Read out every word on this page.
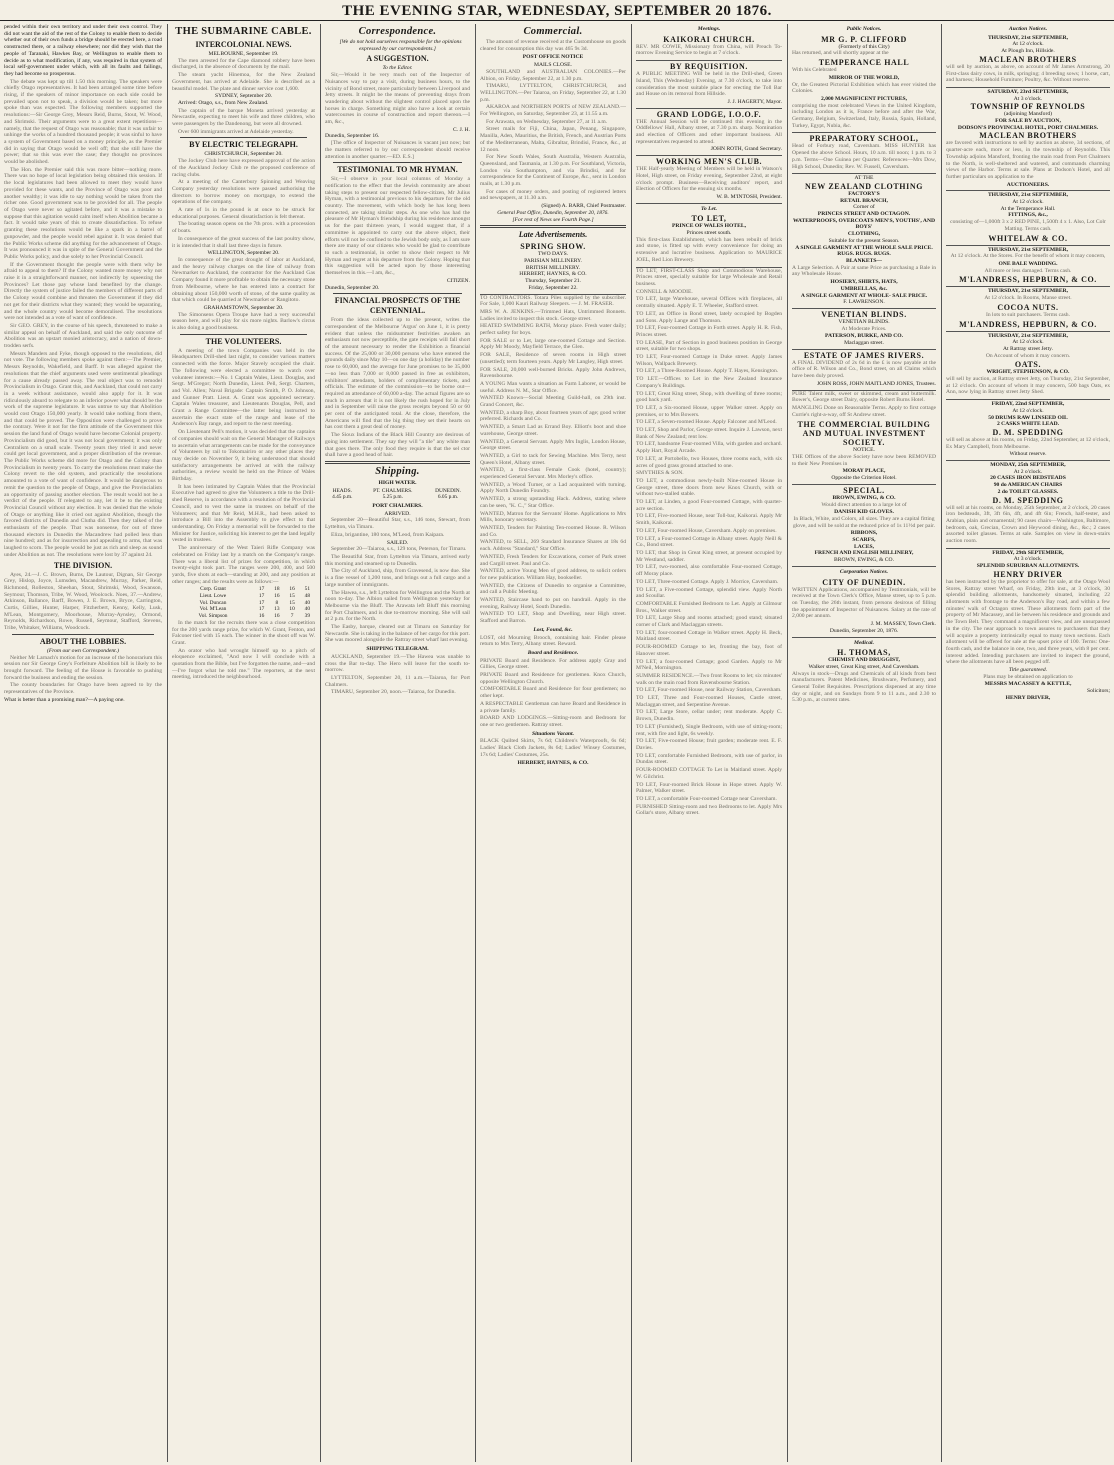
THE EVENING STAR, WEDNESDAY, SEPTEMBER 20 1876.

pended within their own territory and under their own control. They did not want the aid of the rest of the Colony to enable them to decide whether out of their own funds a bridge should be erected here, a road constructed there, or a railway elsewhere; nor did they wish that the people of Taranaki, Hawkes Bay, or Wellington to enable them to decide as to what modification, if any, was required in that system of local self-government under which, with all its faults and failings, they had become so prosperous.

The debate was kept up till 1.50 this morning. The speakers were chiefly Otago representatives. It had been arranged some time before rising, if the speakers of minor importance on each side could be prevailed upon not to speak, a division would be taken; but more spoke than was expected. The following members supported the resolutions:—Sir George Grey, Messrs Reid, Burns, Stout, W. Wood, and Shrimski. Their arguments were to a great extent repetitions—namely, that the request of Otago was reasonable; that it was unfair to unhinge the works of a hundred thousand people; it was sinful to have a system of Government based on a money principle, as the Premier did in saying that Otago would be well off; that she still have the power; that so this was ever the case; they thought no provinces would be abolished.

The Hon. the Premier said this was more bitter—nothing more. There was no hope of local legislation being obtained this session. If the local legislatures had been allowed to meet they would have provided for these wants, and the Province of Otago was poor and another wealthy; it was idle to say nothing would be taken from the richer one. Good government was to be provided for all. The people of Otago were never so agitated before, and it was a mistake to suppose that this agitation would calm itself when Abolition became a fact. It would take years of this to create dissatisfaction. To refuse granting these resolutions would be like a spark in a barrel of gunpowder, and the people would rebel against it. It was denied that the Public Works scheme did anything for the advancement of Otago. It was pronounced it was in spite of the General Government and the Public Works policy, and due solely to her Provincial Council.

If the Government thought the people were with them why be afraid to appeal to them? If the Colony wanted more money why not raise it in a straightforward manner, not indirectly by squeezing the Provinces? Let those pay whose land benefited by the change. Directly the system of justice failed the members of different parts of the Colony would combine and threaten the Government if they did not get for their districts what they wanted; they would be separating, and the whole country would become demoralised. The resolutions were not intended as a vote of want of confidence.

Sir GEO. GREY, in the course of his speech, threatened to make a similar appeal on behalf of Auckland, and said the only outcome of Abolition was an upstart monied aristocracy, and a nation of down-trodden serfs.

Messrs Manders and Fyke, though opposed to the resolutions, did not vote. The following members spoke against them:—The Premier, Messrs Reynolds, Wakefield, and Barff. It was alleged against the resolutions that the chief arguments used were sentimental pleadings for a cause already passed away. The real object was to remodel Provincialism in Otago. Grant this, and Auckland, that could not carry in a week without assistance, would also apply for it. It was ridiculously absurd to relegate to an inferior power what should be the work of the supreme legislature. It was untrue to say that Abolition would cost Otago 150,000 yearly. It would take nothing from them, and that could be proved. The Opposition were challenged to prove the contrary. Were it not for the firm attitude of the Government this session the land fund of Otago would have become Colonial property. Provincialism did good, but it was not local government; it was only Centralism on a small scale. Twenty years they tried it and never could get local government, and a proper distribution of the revenue. The Public Works scheme did more for Otago and the Colony than Provincialism in twenty years. To carry the resolutions must make the Colony revert to the old system, and practically the resolutions amounted to a vote of want of confidence. It would be dangerous to remit the question to the people of Otago, and give the Provincialists an opportunity of passing another election. The result would not be a verdict of the people. If relegated to any, let it be to the existing Provincial Council without any election. It was denied that the whole of Otago or anything like it cried out against Abolition, though the favored districts of Dunedin and Clutha did. Then they talked of the enthusiasm of the people. That was nonsense, for out of three thousand electors in Dunedin the Macandrew had polled less than nine hundred; and as for insurrection and appealing to arms, that was laughed to scorn. The people would be just as rich and sleep as sound under Abolition as not. The resolutions were lost by 37 against 24.

THE DIVISION.

Ayes, 24.—J. C. Brown, Burns, De Lautour, Dignan, Sir George Grey, Hislop, Joyce, Lumsden, Macandrew, Murray, Parker, Reid, Richmond, Rolleston, Sheehan, Stout, Shrimski, Wood, Swanson, Seymour, Thomson, Tribe, W. Wood, Woolcock. Noes, 37.—Andrew, Atkinson, Ballance, Barff, Bowen, J. E. Brown, Bryce, Carrington, Curtis, Gillies, Hunter, Harper, Fitzherbert, Kenny, Kelly, Lusk, M'Lean, Montgomery, Moorhouse, Murray-Aynsley, Ormond, Reynolds, Richardson, Rowe, Russell, Seymour, Stafford, Stevens, Tribe, Whitaker, Williams, Woodcock.

ABOUT THE LOBBIES.
(From our own Correspondent.)

Neither Mr Larnach's motion for an increase of the honorarium this session nor Sir George Grey's Forfeiture Abolition bill is likely to be brought forward. The feeling of the House is favorable to pushing forward the business and ending the session.

The county boundaries for Otago have been agreed to by the representatives of the Province.

What is better than a promising man?—A paying one.

THE SUBMARINE CABLE.
INTERCOLONIAL NEWS.
MELBOURNE, September 19.

The men arrested for the Cape diamond robbery have been discharged, in the absence of documents by the mail.

The steam yacht Hinemoa, for the New Zealand Government, has arrived at Adelaide. She is described as a beautiful model. The plate and dinner service cost 1,600.

SYDNEY, September 20.

Arrived: Otago, s.s., from New Zealand.

The captain of the barque Moneta arrived yesterday at Newcastle, expecting to meet his wife and three children, who were passengers by the Dandenong, but were all drowned.

Over 600 immigrants arrived at Adelaide yesterday.

BY ELECTRIC TELEGRAPH.
CHRISTCHURCH, September 20.

The Jockey Club here have expressed approval of the action of the Auckland Jockey Club re the proposed conference of racing clubs.

At a meeting of the Canterbury Spinning and Weaving Company yesterday resolutions were passed authorising the directors to borrow money on mortgage, to extend the operations of the company.

A rate of 1s in the pound is at once to be struck for educational purposes. General dissatisfaction is felt thereat.

The boating season opens on the 7th prox. with a procession of boats.

In consequence of the great success of the last poultry show, it is intended that it shall last three days in future.

WELLINGTON, September 20.

In consequence of the great drought of labor at Auckland, and the heavy railway charges on the line of railway from Newmarket to Auckland, the contractor for the Auckland Gas Company found it more profitable to obtain the necessary stone from Melbourne, where he has entered into a contract for obtaining about 150,000 worth of stone, of the same quality as that which could be quarried at Newmarket or Rangitoto.

GRAHAMSTOWN, September 20.

The Simonsens Opera Troupe have had a very successful season here, and will play for six more nights. Barlow's circus is also doing a good business.

THE VOLUNTEERS.

A meeting of the town Companies was held in the Headquarters Drill-shed last night, to consider various matters connected with the force. Major Stavely occupied the chair. The following were elected a committee to watch over volunteer interests:—No. 1 Captain Wales, Lieut. Douglas, and Sergt. M'Gregor; North Dunedin, Lieut. Pell, Sergt. Charters, and Vol. Allen; Naval Brigade: Captain Smith, P. O. Johnson, and Gunner Pratt. Lieut. A. Grant was appointed secretary. Captain Wales treasurer, and Lieutenants Douglas, Pell, and Grant a Range Committee—the latter being instructed to ascertain the exact state of the range and lease of the Anderson's Bay range, and report to the next meeting.

On Lieutenant Pell's motion, it was decided that the captains of companies should wait on the General Manager of Railways to ascertain what arrangements can be made for the conveyance of Volunteers by rail to Tokomairiro or any other places they may decide on November 9, it being understood that should satisfactory arrangements be arrived at with the railway authorities, a review would be held on the Prince of Wales Birthday.

It has been intimated by Captain Wales that the Provincial Executive had agreed to give the Volunteers a title to the Drill-shed Reserve, in accordance with a resolution of the Provincial Council, and to vest the same in trustees on behalf of the Volunteers; and that Mr Reid, M.H.R., had been asked to introduce a Bill into the Assembly to give effect to that understanding. On Friday a memorial will be forwarded to the Minister for Justice, soliciting his interest to get the land legally vested in trustees.

The anniversary of the West Taieri Rifle Company was celebrated on Friday last by a match on the Company's range. There was a liberal list of prizes for competition, in which twenty-eight took part. The ranges were 200, 400, and 500 yards, five shots at each—standing at 200, and any position at other ranges; and the results were as follows:—

Corp. Grant	17	18	16	51
Lieut. Lowe	17	16	15	48
Vol. Duncan	17	8	15	40
Vol. M'Lean	17	13	10	40
Vol. Simpson	16	16	7	39

In the match for the recruits there was a close competition for the 200 yards range prize, for which W. Grant, Fenton, and Falconer tied with 15 each. The winner in the shoot off was W. Grant.

An orator who had wrought himself up to a pitch of eloquence exclaimed, "And now I will conclude with a quotation from the Bible, but I've forgotten the name, and—and—I've forgot what he told me." The reporters, at the next meeting, introduced the neighbourhood.

Correspondence.

[We do not hold ourselves responsible for the opinions expressed by our correspondents.]

A SUGGESTION.
To the Editor.

Sir,—Would it be very much out of the Inspector of Nuisances way to pay a visit, during business hours, to the vicinity of Bond street, more particularly between Liverpool and Jetty streets. It might be the means of preventing drays from wandering about without the slightest control placed upon the horses in charge. Something might also have a look at certain watercourses in course of construction and report thereon.—I am, &c.,

C. J. H.
Dunedin, September 16.

[The office of Inspector of Nuisances is vacant just now; but the matters referred to by our correspondent should receive attention in another quarter.—ED. E.S.]

TESTIMONIAL TO MR HYMAN.

Sir,—I observe in your local columns of Monday a notification to the effect that the Jewish community are about taking steps to present our respected fellow-citizen, Mr Julius Hyman, with a testimonial previous to his departure for the old country. The movement, with which body he has long been connected, are taking similar steps. As one who has had the pleasure of Mr Hyman's friendship during his residence amongst us for the past thirteen years, I would suggest that, if a committee is appointed to carry out the above object, their efforts will not be confined to the Jewish body only, as I am sure there are many of our citizens who would be glad to contribute to such a testimonial, in order to show their respect to Mr Hyman and regret at his departure from the Colony. Hoping that this suggestion will be acted upon by those interesting themselves in this.—I am, &c.,

CITIZEN.
Dunedin, September 20.
FINANCIAL PROSPECTS OF THE CENTENNIAL.

From the ideas collected up to the present, writes the correspondent of the Melbourne 'Argus' on June 1, it is pretty evident that unless the midsummer festivities awaken an enthusiasm not now perceptible, the gate receipts will fall short of the amount necessary to render the Exhibition a financial success. Of the 25,000 or 30,000 persons who have entered the grounds daily since May 10—on one day (a holiday) the number rose to 60,000, and the average for June promises to be 35,000—no less than 7,000 or 8,000 passed in free as exhibitors, exhibitors' attendants, holders of complimentary tickets, and officials. The estimate of the commission—to be borne out—required an attendance of 60,000 a-day. The actual figures are so much in arrears that it is not likely the rush hoped for in July and in September will raise the gross receipts beyond 50 or 60 per cent of the anticipated total. At the close, therefore, the Americans will find that the big thing they set their hearts on has cost them a great deal of money.

The Sioux Indians of the Black Hill Country are desirous of going into settlement. They say they will "a tile" any white man that goes there. The only food they require is that the sel ctor shall have a good head of hair.

Shipping.
HIGH WATER.
HEADS.	PT. CHALMERS.	DUNEDIN.
4.45 p.m.	5.25 p.m.	6.05 p.m.
PORT CHALMERS.
ARRIVED.

September 20—Beautiful Star, s.s., 146 tons, Stewart, from Lyttelton, via Timaru.

Eliza, brigantine, 180 tons, M'Leod, from Kaipara.

SAILED.

September 20—Taiaroa, s.s., 129 tons, Peterson, for Timaru.

The Beautiful Star, from Lyttelton via Timaru, arrived early this morning and steamed up to Dunedin.

The City of Auckland, ship, from Gravesend, is now due. She is a fine vessel of 1,200 tons, and brings out a full cargo and a large number of immigrants.

The Hawea, s.s., left Lyttelton for Wellington and the North at noon to-day. The Albion sailed from Wellington yesterday for Melbourne via the Bluff. The Arawata left Bluff this morning for Port Chalmers, and is due to-morrow morning. She will sail at 2 p.m. for the North.

The Easby, barque, cleared out at Timaru on Saturday for Newcastle. She is taking in the balance of her cargo for this port. She was moored alongside the Rattray street wharf last evening.

SHIPPING TELEGRAM.

AUCKLAND, September 19.—The Hawea was unable to cross the Bar to-day. The Hero will leave for the south to-morrow.

LYTTELTON, September 20, 11 a.m.—Taiaroa, for Port Chalmers.

TIMARU, September 20, noon.—Taiaroa, for Dunedin.

Commercial.

The amount of revenue received at the Customhouse on goods cleared for consumption this day was 465 9s 3d.

POST OFFICE NOTICE
MAILS CLOSE.

SOUTHLAND and AUSTRALIAN COLONIES.—Per Albion, on Friday, September 22, at 1.30 p.m.

TIMARU, LYTTELTON, CHRISTCHURCH, and WELLINGTON.—Per Taiaroa, on Friday, September 22, at 1.30 p.m.

AKAROA and NORTHERN PORTS of NEW ZEALAND.—For Wellington, on Saturday, September 23, at 11.55 a.m.

For Arawata, on Wednesday, September 27, at 11 a.m.

Street mails for Fiji, China, Japan, Penang, Singapore, Manilla, Aden, Mauritius, the British, French, and Austrian Ports of the Mediterranean, Malta, Gibraltar, Brindisi, France, &c., at 12 noon.

For New South Wales, South Australia, Western Australia, Queensland, and Tasmania, at 1.30 p.m. For Southland, Victoria, London via Southampton, and via Brindisi, and for correspondence for the Continent of Europe, &c., sent in London mails, at 1.30 p.m.

For cases of money orders, and posting of registered letters and newspapers, at 11.30 a.m.

(Signed) A. BARR, Chief Postmaster.
General Post Office, Dunedin, September 20, 1876.
[For rest of News see Fourth Page.]
Late Advertisements.
SPRING SHOW.
TWO DAYS.
PARISIAN MILLINERY.
BRITISH MILLINERY.
HERBERT, HAYNES, & CO.
Thursday, September 21.
Friday, September 22.

TO CONTRACTORS. Totara Piles supplied by the subscriber. For Sale, 1,000 Kauri Railway Sleepers. — J. M. FRASER.

MRS W. A. JENKINS.—Trimmed Hats, Untrimmed Bonnets. Ladies invited to inspect this stock. George street.

HEATED SWIMMING BATH, Moray place. Fresh water daily; perfect safety for boys.

FOR SALE or to Let, large one-roomed Cottage and Section. Apply Mr Moody, Mayfield Terrace, the Glen.

FOR SALE, Residence of seven rooms in High street (unsettled); term fourteen years. Apply Mr Langley, High street.

FOR SALE, 20,000 well-burned Bricks. Apply John Andrews, Ravensbourne.

A YOUNG Man wants a situation as Farm Laborer, or would be useful. Address N. M., Star Office.

WANTED Known—Social Meeting Guild-hall, on 29th inst. Grand Concert, &c.

WANTED, a sharp Boy, about fourteen years of age; good writer preferred. Richards and Co.

WANTED, a Smart Lad as Errand Boy. Elliott's boot and shoe warehouse, George street.

WANTED, a General Servant. Apply Mrs Inglis, London House, George street.

WANTED, a Girl to tack for Sewing Machine. Mrs Terry, next Queen's Hotel, Albany street.

WANTED, a first-class Female Cook (hotel, country); experienced General Servant. Mrs Morley's office.

WANTED, a Wood Turner, or a Lad acquainted with turning. Apply North Dunedin Foundry.

WANTED, a strong upstanding Hack. Address, stating where can be seen, "K. C.," Star Office.

WANTED, Matron for the Servants' Home. Applications to Mrs Mills, honorary secretary.

WANTED, Tenders for Painting Ten-roomed House. R. Wilson and Co.

WANTED, to SELL, 269 Standard Insurance Shares at 18s 6d each. Address "Standard," Star Office.

WANTED, Fresh Tenders for Excavations, corner of Park street and Cargill street. Paul and Co.

WANTED, active Young Men of good address, to solicit orders for new publication. William Hay, bookseller.

WANTED, the Citizens of Dunedin to organise a Committee, and call a Public Meeting.

WANTED, Staircase hand to put on handrail. Apply in the evening, Railway Hotel, South Dunedin.

WANTED TO LET, Shop and Dwelling, near High street. Stafford and Barron.

Lost, Found, &c.

LOST, old Mourning Brooch, containing hair. Finder please return to Mrs Terry, Albany street. Reward.

Board and Residence.

PRIVATE Board and Residence. For address apply Gray and Gillies, George street.

PRIVATE Board and Residence for gentlemen. Knox Church, opposite Wellington Church.

COMFORTABLE Board and Residence for four gentlemen; no other kept.

A RESPECTABLE Gentleman can have Board and Residence in a private family.

BOARD AND LODGINGS.—Sitting-room and Bedroom for one or two gentlemen. Rattray street.

Situations Vacant.

BLACK Quilted Skirts, 7s 6d; Children's Waterproofs, 6s 6d; Ladies' Black Cloth Jackets, 8s 6d; Ladies' Winsey Costumes, 17s 6d; Ladies' Costumes, 25s.

HERBERT, HAYNES, & CO.
Meetings.
KAIKORAI CHURCH.

REV. MR COWIE, Missionary from China, will Preach To-morrow Evening Service to begin at 7 o'clock.

BY REQUISITION.

A PUBLIC MEETING Will be held in the Drill-shed, Green Island, This (Wednesday) Evening, at 7.30 o'clock, to take into consideration the most suitable place for erecting the Toll Bar and House on its removal from Hillside.

J. J. HAGERTY, Mayor.
GRAND LODGE, I.O.O.F.

THE Annual Session will be continued this evening in the Oddfellows' Hall, Albany street, at 7.30 p.m. sharp. Nomination and election of Officers and other important business. All representatives requested to attend.

JOHN ROTH, Grand Secretary.
WORKING MEN'S CLUB.

THE Half-yearly Meeting of Members will be held in Watson's Hotel, High street, on Friday evening, September 22nd, at eight o'clock prompt. Business—Receiving auditors' report, and Election of Officers for the ensuing six months.

W. B. M'INTOSH, President.
To Let.
TO LET,
PRINCE OF WALES HOTEL,
Princes street south.

This first-class Establishment, which has been rebuilt of brick and stone, is fitted up with every convenience for doing an extensive and lucrative business. Application to MAURICE JOEL, Red Lion Brewery.

TO LET, FIRST-CLASS Shop and Commodious Warehouse, Princes street, specially suitable for large Wholesale and Retail business.

CONNELL & MOODIE.

TO LET, large Warehouse, several Offices with fireplaces, all centrally situated. Apply E. T. Wheeler, Stafford street.

TO LET, an Office in Bond street, lately occupied by Bogden and Sons. Apply Lange and Thomson.

TO LET, Four-roomed Cottage in Forth street. Apply H. R. Fish, Princes street.

TO LEASE, Part of Section in good business position in George street, suitable for two shops.

TO LET, Four-roomed Cottage in Duke street. Apply James Wilson, Wallpack Brewery.

TO LET, a Three-Roomed House. Apply T. Hayes, Kensington.

TO LET.—Offices to Let in the New Zealand Insurance Company's Buildings.

TO LET, Great King street, Shop, with dwelling of three rooms; good back yard.

TO LET, a Six-roomed House, upper Walker street. Apply on premises, or to Mrs Bowers.

TO LET, a Seven-roomed House. Apply Falconer and M'Leod.

TO LET, Shop and Parlor, George street. Inquire J. Lawson, next Bank of New Zealand; rent low.

TO LET, handsome Four-roomed Villa, with garden and orchard. Apply Hart, Royal Arcade.

TO LET, at Portobello, two Houses, three rooms each, with six acres of good grass ground attached to one.

SMYTHIES & SON.

TO LET, a commodious newly-built Nine-roomed House in George street, three doors from new Knox Church, with or without two-stalled stable.

TO LET, at Linden, a good Four-roomed Cottage, with quarter-acre section.

TO LET, Five-roomed House, near Toll-bar, Kaikorai. Apply Mr Smith, Kaikorai.

TO LET, Four-roomed House, Caversham. Apply on premises.

TO LET, a Four-roomed Cottage in Albany street. Apply Neill & Co., Bond street.

TO LET, that Shop in Great King street, at present occupied by Mr Westland, saddler.

TO LET, two-roomed, also comfortable Four-roomed Cottage, off Moray place.

TO LET, Three-roomed Cottage. Apply J. Morrice, Caversham.

TO LET, a Five-roomed Cottage, splendid view. Apply North and Scoullar.

COMFORTABLE Furnished Bedroom to Let. Apply at Gilmour Bros., Walker street.

TO LET, Large Shop and rooms attached; good stand; situated corner of Clark and Maclaggan streets.

TO LET, four-roomed Cottage in Walker street. Apply H. Beck, Maitland street.

FOUR-ROOMED Cottage to let, fronting the bay, foot of Hanover street.

TO LET, a four-roomed Cottage; good Garden. Apply to Mr M'Neil, Mornington.

SUMMER RESIDENCE.—Two front Rooms to let; six minutes' walk on the main road from Ravensbourne Station.

TO LET, Four-roomed House, near Railway Station, Caversham.

TO LET, Three and Four-roomed Houses, Castle street, Maclaggan street, and Serpentine Avenue.

TO LET, Large Store, cellar under; rent moderate. Apply C. Brown, Dunedin.

TO LET (Furnished), Single Bedroom, with use of sitting-room; rent, with fire and light, 6s weekly.

TO LET, Five-roomed House; fruit garden; moderate rent. E. F. Davies.

TO LET, comfortable Furnished Bedroom, with use of parlor, in Dundas street.

FOUR-ROOMED COTTAGE To Let in Maitland street. Apply W. Gilchrist.

TO LET, Four-roomed Brick House in Hope street. Apply W. Palmer, Walker street.

TO LET, a comfortable Four-roomed Cottage near Caversham.

FURNISHED Sitting-room and two Bedrooms to let. Apply Mrs Gollar's store, Albany street.

Public Notices.
MR G. P. CLIFFORD
(Formerly of this City)

Has returned, and will shortly appear at the

TEMPERANCE HALL

With his Celebrated

MIRROR OF THE WORLD,

Or, the Greatest Pictorial Exhibition which has ever visited the Colonies.

2,000 MAGNIFICENT PICTURES,

comprising the most celebrated Views in the United Kingdom, including London as it is, France before and after the War, Germany, Belgium, Switzerland, Italy, Russia, Spain, Holland, Turkey, Egypt, Nubia, &c.

PREPARATORY SCHOOL,

Head of Forbury road, Caversham. MISS HUNTER has Opened the above School. Hours, 10 a.m. till noon; 1 p.m. to 3 p.m. Terms—One Guinea per Quarter. References—Mrs Dow, High School, Dunedin; Rev. W. Fussell, Caversham.

AT THE
NEW ZEALAND CLOTHING
FACTORY'S
RETAIL BRANCH,
Corner of
PRINCES STREET AND OCTAGON.
WATERPROOFS, OVERCOATS MEN'S, YOUTHS', AND BOYS'
CLOTHING,
Suitable for the present Season.
A SINGLE GARMENT AT THE WHOLE SALE PRICE.
RUGS. RUGS. RUGS.
BLANKETS—

A Large Selection. A Pair at same Price as purchasing a Bale in any Wholesale House.

HOSIERY, SHIRTS, HATS,
UMBRELLAS, &c.
A SINGLE GARMENT AT WHOLE- SALE PRICE.
F. LAWRENSON.
VENETIAN BLINDS.
VENETIAN BLINDS.

At Moderate Prices.

PATERSON, BURKE, AND CO.
Maclaggan street.
ESTATE OF JAMES RIVERS.

A FINAL DIVIDEND of 2s 6d in the £ is now payable at the office of R. Wilson and Co., Bond street, on all Claims which have been duly proved.

JOHN ROSS, JOHN MAITLAND JONES, Trustees.

PURE Talent milk, sweet or skimmed, cream and buttermilk. Bower's, George street Dairy, opposite Robert Burns Hotel.

MANGLING Done on Reasonable Terms. Apply to first cottage Currie's right-a-way, off St Andrew street.

THE COMMERCIAL BUILDING AND MUTUAL INVESTMENT SOCIETY.
NOTICE.

THE Offices of the above Society have now been REMOVED to their New Premises in

MORAY PLACE,
Opposite the Criterion Hotel.
SPECIAL.
BROWN, EWING, & CO.

Would direct attention to a large lot of

DANISH KID GLOVES.

In Black, White, and Colors, all sizes. They are a capital fitting glove, and will be sold at the reduced price of 1s 11½d per pair.

RIBBONS,
SCARFS,
LACES,
FRENCH AND ENGLISH MILLINERY,
BROWN, EWING, & CO.
Corporation Notices.
CITY OF DUNEDIN.

WRITTEN Applications, accompanied by Testimonials, will be received at the Town Clerk's Office, Manse street, up to 5 p.m. on Tuesday, the 26th instant, from persons desirous of filling the appointment of Inspector of Nuisances. Salary at the rate of 2,000 per annum.

J. M. MASSEY, Town Clerk.
Dunedin, September 20, 1876.
Medical.
H. THOMAS,
CHEMIST AND DRUGGIST,
Walker street, Great King street, And Caversham.

Always in stock—Drugs and Chemicals of all kinds from best manufacturers. Patent Medicines, Brushware, Perfumery, and General Toilet Requisites. Prescriptions dispensed at any time day or night, and on Sundays from 9 to 11 a.m., and 2.30 to 5.30 p.m., at current rates.

Auction Notices.
THURSDAY, 21st SEPTEMBER,
At 12 o'clock.
At Plough Inn, Hillside.
MACLEAN BROTHERS

will sell by auction, as above, on account of Mr James Armstrong, 20 First-class dairy cows, in milk, springing; 4 breeding sows; 1 horse, cart, and harness; Household Furniture; Poultry, &c. Without reserve.

SATURDAY, 23rd SEPTEMBER,
At 3 o'clock.
TOWNSHIP OF REYNOLDS
(adjoining Mansford)
FOR SALE BY AUCTION,
DODSON'S PROVINCIAL HOTEL, PORT CHALMERS.
MACLEAN BROTHERS

are favored with instructions to sell by auction as above, 34 sections, of quarter-acre each, more or less, in the township of Reynolds. This Township adjoins Mansford, fronting the main road from Port Chalmers to the North, is well-sheltered and watered, and commands charming views of the Harbor. Terms at sale. Plans at Dodson's Hotel, and all further particulars on application to the

AUCTIONEERS.
THURSDAY, 21st SEPTEMBER,
At 12 o'clock.
At the Temperance Hall.
FITTINGS, &c.,

consisting of—1,000ft 3 x 2 RED PINE, 1,500ft 4 x 1. Also, Lot Colr Matting. Terms cash.

WHITELAW & CO.
THURSDAY, 21st SEPTEMBER,

At 12 o'clock. At the Stores. For the benefit of whom it may concern,

ONE BALE WADDING.

All more or less damaged. Terms cash.

M'LANDRESS, HEPBURN, & CO.
THURSDAY, 21st SEPTEMBER,

At 12 o'clock. In Rooms, Manse street.

COCOA NUTS.

In lots to suit purchasers. Terms cash.

M'LANDRESS, HEPBURN, & CO.
THURSDAY, 21st SEPTEMBER,
At 12 o'clock.
At Rattray street Jetty.

On Account of whom it may concern.

OATS.
WRIGHT, STEPHENSON, & CO.

will sell by auction, at Rattray street Jetty, on Thursday, 21st September, at 12 o'clock. On account of whom it may concern, 500 bags Oats, ex Ann, now lying in Rattray street Jetty Shed.

FRIDAY, 22nd SEPTEMBER,
At 12 o'clock.
50 DRUMS RAW LINSEED OIL
2 CASKS WHITE LEAD.
D. M. SPEDDING

will sell as above at his rooms, on Friday, 22nd September, at 12 o'clock, Ex Mary Campbell, from Melbourne.

Without reserve.
MONDAY, 25th SEPTEMBER,
At 2 o'clock.
20 CASES IRON BEDSTEADS
90 do AMERICAN CHAIRS
2 do TOILET GLASSES.
D. M. SPEDDING

will sell at his rooms, on Monday, 25th September, at 2 o'clock, 20 cases iron bedsteads, 3ft, 3ft 6in, 4ft, and 4ft 6in; French, half-tester, and Arabian, plain and ornamental; 90 cases chairs—Washington, Baltimore, bedroom, oak, Grecian, Crown and Heywood dining, &c., &c.; 2 cases assorted toilet glasses. Terms at sale. Samples on view in down-stairs auction room.

FRIDAY, 29th SEPTEMBER,
At 3 o'clock.
SPLENDID SUBURBAN ALLOTMENTS.
HENRY DRIVER

has been instructed by the proprietor to offer for sale, at the Otago Wool Stores, Rattray street Wharf, on Friday, 29th inst., at 3 o'clock, 30 splendid building allotments, handsomely situated, including 22 allotments with frontage to the Anderson's Bay road, and within a few minutes' walk of Octagon street. These allotments form part of the property of Mr Macassey, and lie between his residence and grounds and the Town Belt. They command a magnificent view, and are unsurpassed in the city. The near approach to town assures to purchasers that they will acquire a property intrinsically equal to many town sections. Each allotment will be offered for sale at the upset price of 100. Terms: One-fourth cash, and the balance in one, two, and three years, with 8 per cent. interest added. Intending purchasers are invited to inspect the ground, where the allotments have all been pegged off.

Title guaranteed.

Plans may be obtained on application to

MESSRS MACASSEY & KETTLE,
Solicitors;
HENRY DRIVER,
